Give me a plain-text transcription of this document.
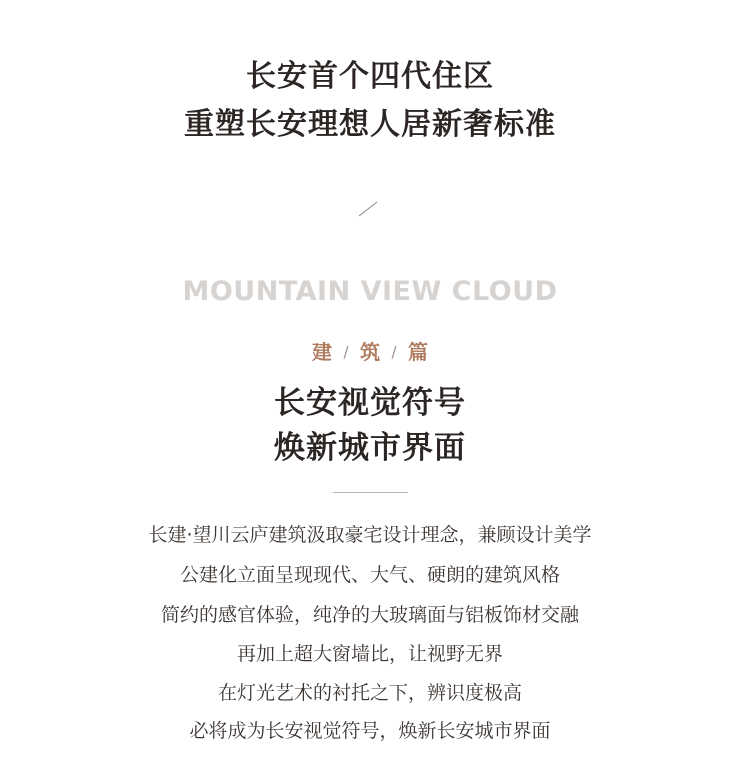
长安首个四代住区
重塑长安理想人居新奢标准
MOUNTAIN VIEW CLOUD
建 / 筑 / 篇
长安视觉符号
焕新城市界面
长建·望川云庐建筑汲取豪宅设计理念，兼顾设计美学
公建化立面呈现现代、大气、硬朗的建筑风格
简约的感官体验，纯净的大玻璃面与铝板饰材交融
再加上超大窗墙比，让视野无界
在灯光艺术的衬托之下，辨识度极高
必将成为长安视觉符号，焕新长安城市界面
